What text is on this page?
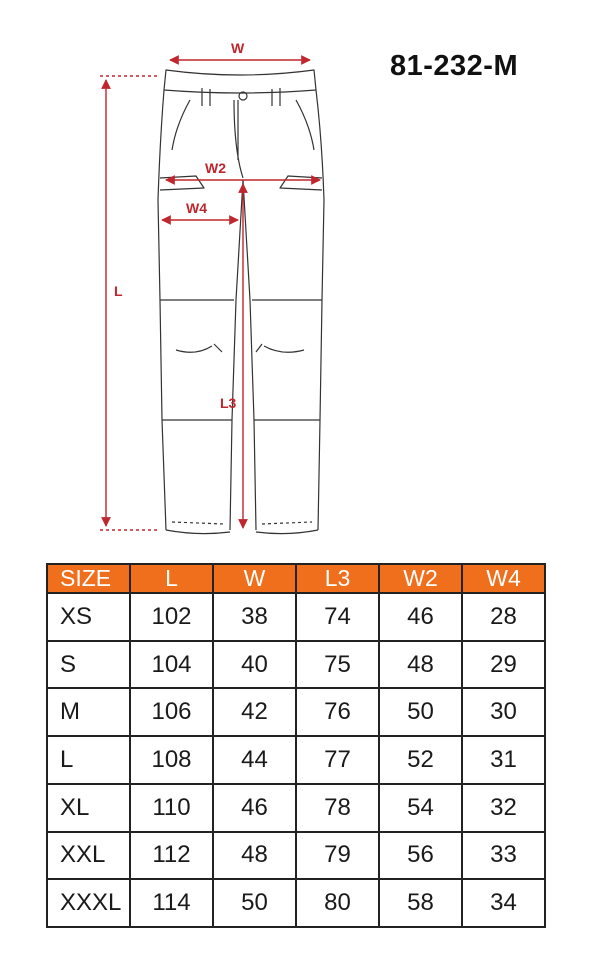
81-232-M
W
W2
W4
L
L3
SIZE	L	W	L3	W2	W4
XS	102	38	74	46	28
S	104	40	75	48	29
M	106	42	76	50	30
L	108	44	77	52	31
XL	110	46	78	54	32
XXL	112	48	79	56	33
XXXL	114	50	80	58	34
